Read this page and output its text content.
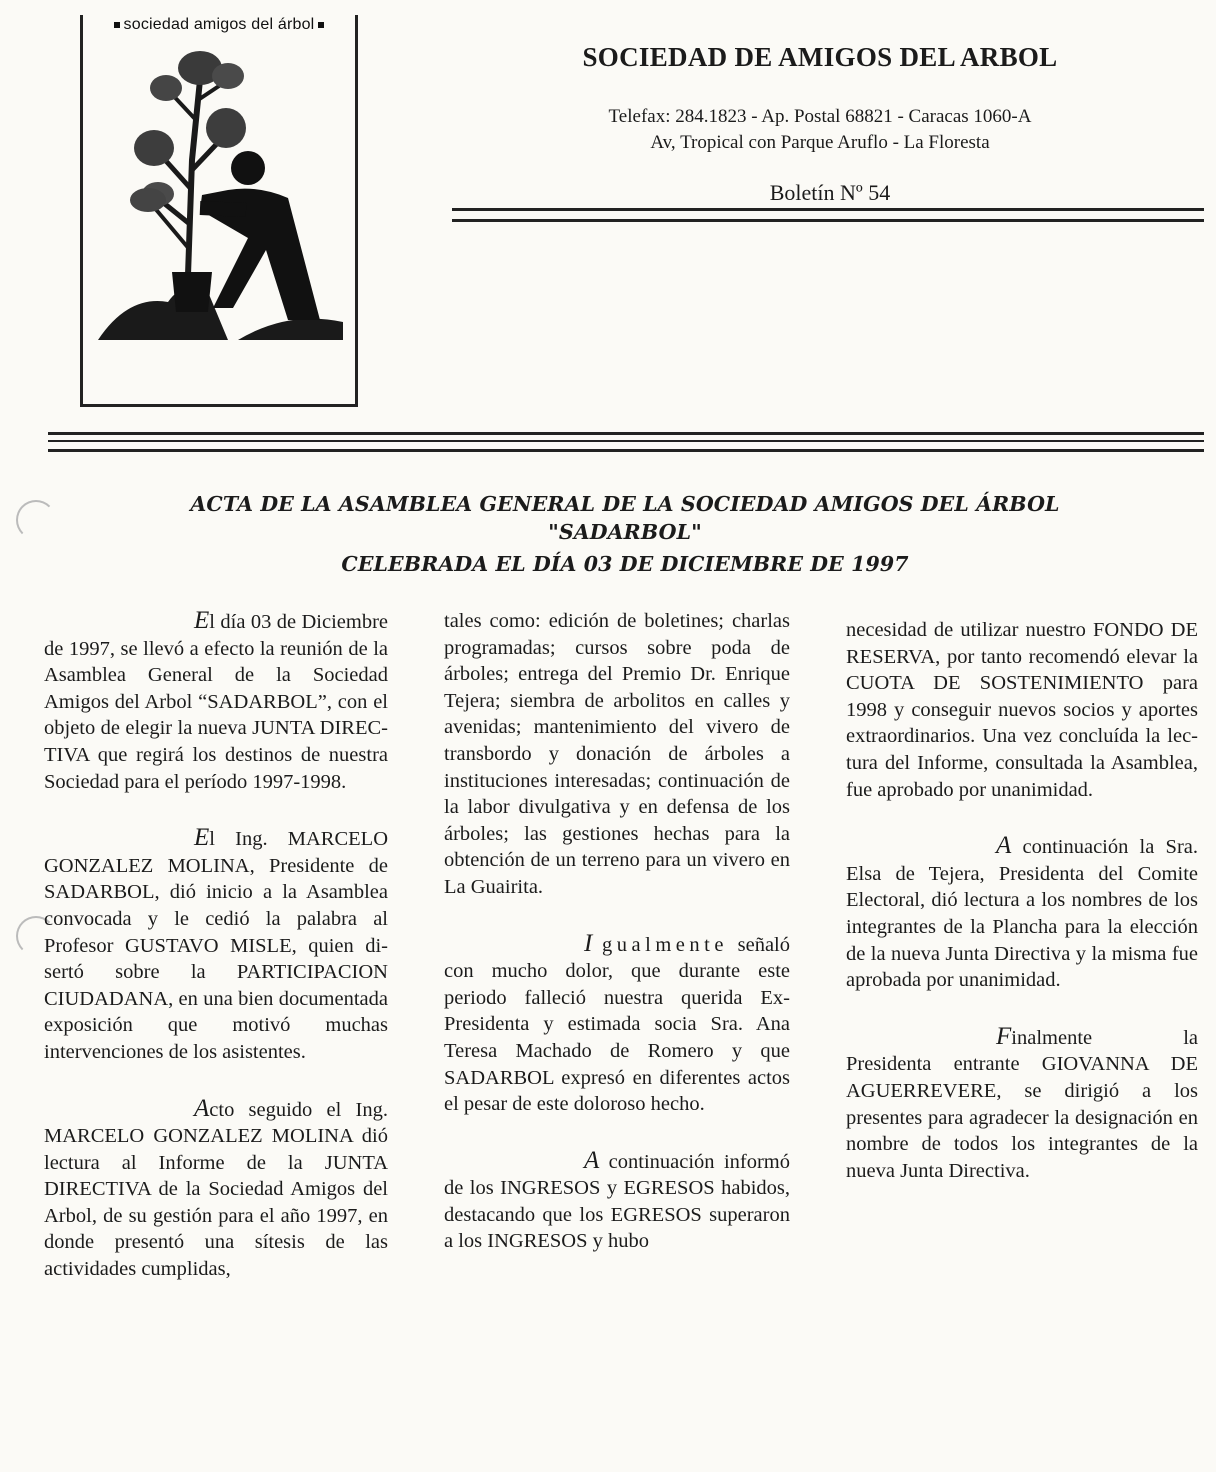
sociedad amigos del árbol
SOCIEDAD DE AMIGOS DEL ARBOL
Telefax: 284.1823 - Ap. Postal 68821 - Caracas 1060-A
Av, Tropical con Parque Aruflo - La Floresta
Boletín Nº 54
ACTA DE LA ASAMBLEA GENERAL DE LA SOCIEDAD AMIGOS DEL ÁRBOL
"SADARBOL"
CELEBRADA EL DÍA 03 DE DICIEMBRE DE 1997

El día 03 de Diciembre de 1997, se llevó a efecto la reunión de la Asamblea General de la Sociedad Amigos del Arbol “SADARBOL”, con el objeto de elegir la nueva JUNTA DIRECTIVA que regirá los destinos de nuestra Sociedad para el período 1997-1998.

El Ing. MARCELO GONZALEZ MOLINA, Presidente de SADARBOL, dió inicio a la Asamblea convocada y le cedió la palabra al Profesor GUSTAVO MISLE, quien disertó sobre la PARTICIPACION CIUDADANA, en una bien documentada exposición que motivó muchas intervenciones de los asistentes.

Acto seguido el Ing. MARCELO GONZALEZ MOLINA dió lectura al Informe de la JUNTA DIRECTIVA de la Sociedad Amigos del Arbol, de su gestión para el año 1997, en donde presentó una sítesis de las actividades cumplidas,

tales como: edición de boletines; charlas programadas; cursos sobre poda de árboles; entrega del Premio Dr. Enrique Tejera; siembra de arbolitos en calles y avenidas; mantenimiento del vivero de transbordo y donación de árboles a instituciones interesadas; continuación de la labor divulgativa y en defensa de los árboles; las gestiones hechas para la obtención de un terreno para un vivero en La Guairita.

I gualmente señaló con mucho dolor, que durante este periodo falleció nuestra querida Ex-Presidenta y estimada socia Sra. Ana Teresa Machado de Romero y que SADARBOL expresó en diferentes actos el pesar de este doloroso hecho.

A continuación informó de los INGRESOS y EGRESOS habidos, destacando que los EGRESOS superaron a los INGRESOS y hubo

necesidad de utilizar nuestro FONDO DE RESERVA, por tanto recomendó elevar la CUOTA DE SOSTENIMIENTO para 1998 y conseguir nuevos socios y aportes extraordinarios. Una vez concluída la lectura del Informe, consultada la Asamblea, fue aprobado por unanimidad.

A continuación la Sra. Elsa de Tejera, Presidenta del Comite Electoral, dió lectura a los nombres de los integrantes de la Plancha para la elección de la nueva Junta Directiva y la misma fue aprobada por unanimidad.

Finalmente la Presidenta entrante GIOVANNA DE AGUERREVERE, se dirigió a los presentes para agradecer la designación en nombre de todos los integrantes de la nueva Junta Directiva.
